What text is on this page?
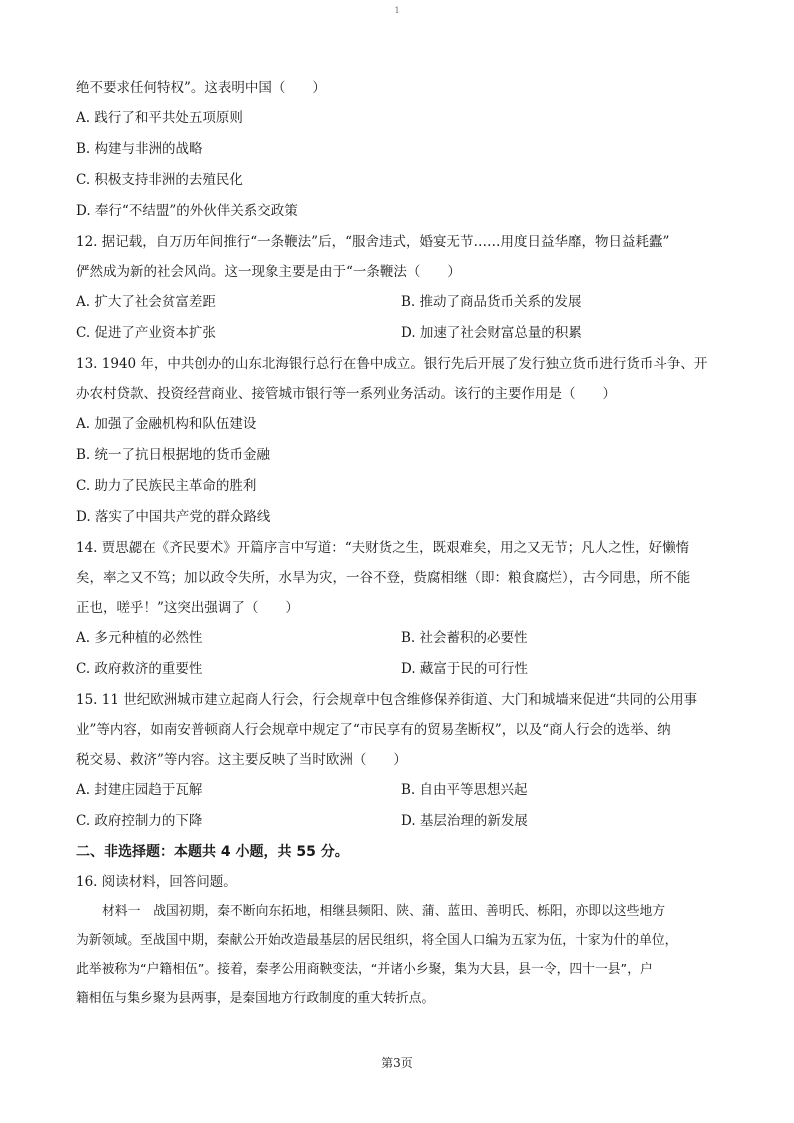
1
绝不要求任何特权”。这表明中国（　　）
A. 践行了和平共处五项原则
B. 构建与非洲的战略
C. 积极支持非洲的去殖民化
D. 奉行“不结盟”的外伙伴关系交政策
12. 据记载，自万历年间推行“一条鞭法”后，“服舍违式，婚宴无节……用度日益华靡，物日益耗蠹”
俨然成为新的社会风尚。这一现象主要是由于“一条鞭法（　　）
A. 扩大了社会贫富差距	B. 推动了商品货币关系的发展
C. 促进了产业资本扩张	D. 加速了社会财富总量的积累
13. 1940 年，中共创办的山东北海银行总行在鲁中成立。银行先后开展了发行独立货币进行货币斗争、开
办农村贷款、投资经营商业、接管城市银行等一系列业务活动。该行的主要作用是（　　）
A. 加强了金融机构和队伍建设
B. 统一了抗日根据地的货币金融
C. 助力了民族民主革命的胜利
D. 落实了中国共产党的群众路线
14. 贾思勰在《齐民要术》开篇序言中写道：“夫财货之生，既艰难矣，用之又无节；凡人之性，好懒惰
矣，率之又不笃；加以政令失所，水旱为灾，一谷不登，赀腐相继（即：粮食腐烂），古今同患，所不能
正也，嗟乎！”这突出强调了（　　）
A. 多元种植的必然性	B. 社会蓄积的必要性
C. 政府救济的重要性	D. 藏富于民的可行性
15. 11 世纪欧洲城市建立起商人行会，行会规章中包含维修保养街道、大门和城墙来促进“共同的公用事
业”等内容，如南安普顿商人行会规章中规定了“市民享有的贸易垄断权”，以及“商人行会的选举、纳
税交易、救济”等内容。这主要反映了当时欧洲（　　）
A. 封建庄园趋于瓦解	B. 自由平等思想兴起
C. 政府控制力的下降	D. 基层治理的新发展
二、非选择题：本题共 4 小题，共 55 分。
16. 阅读材料，回答问题。
材料一　战国初期，秦不断向东拓地，相继县频阳、陕、蒲、蓝田、善明氏、栎阳，亦即以这些地方
为新领域。至战国中期，秦献公开始改造最基层的居民组织，将全国人口编为五家为伍，十家为什的单位，
此举被称为“户籍相伍”。接着，秦孝公用商鞅变法，“并诸小乡聚，集为大县，县一令，四十一县”，户
籍相伍与集乡聚为县两事，是秦国地方行政制度的重大转折点。
第3页
